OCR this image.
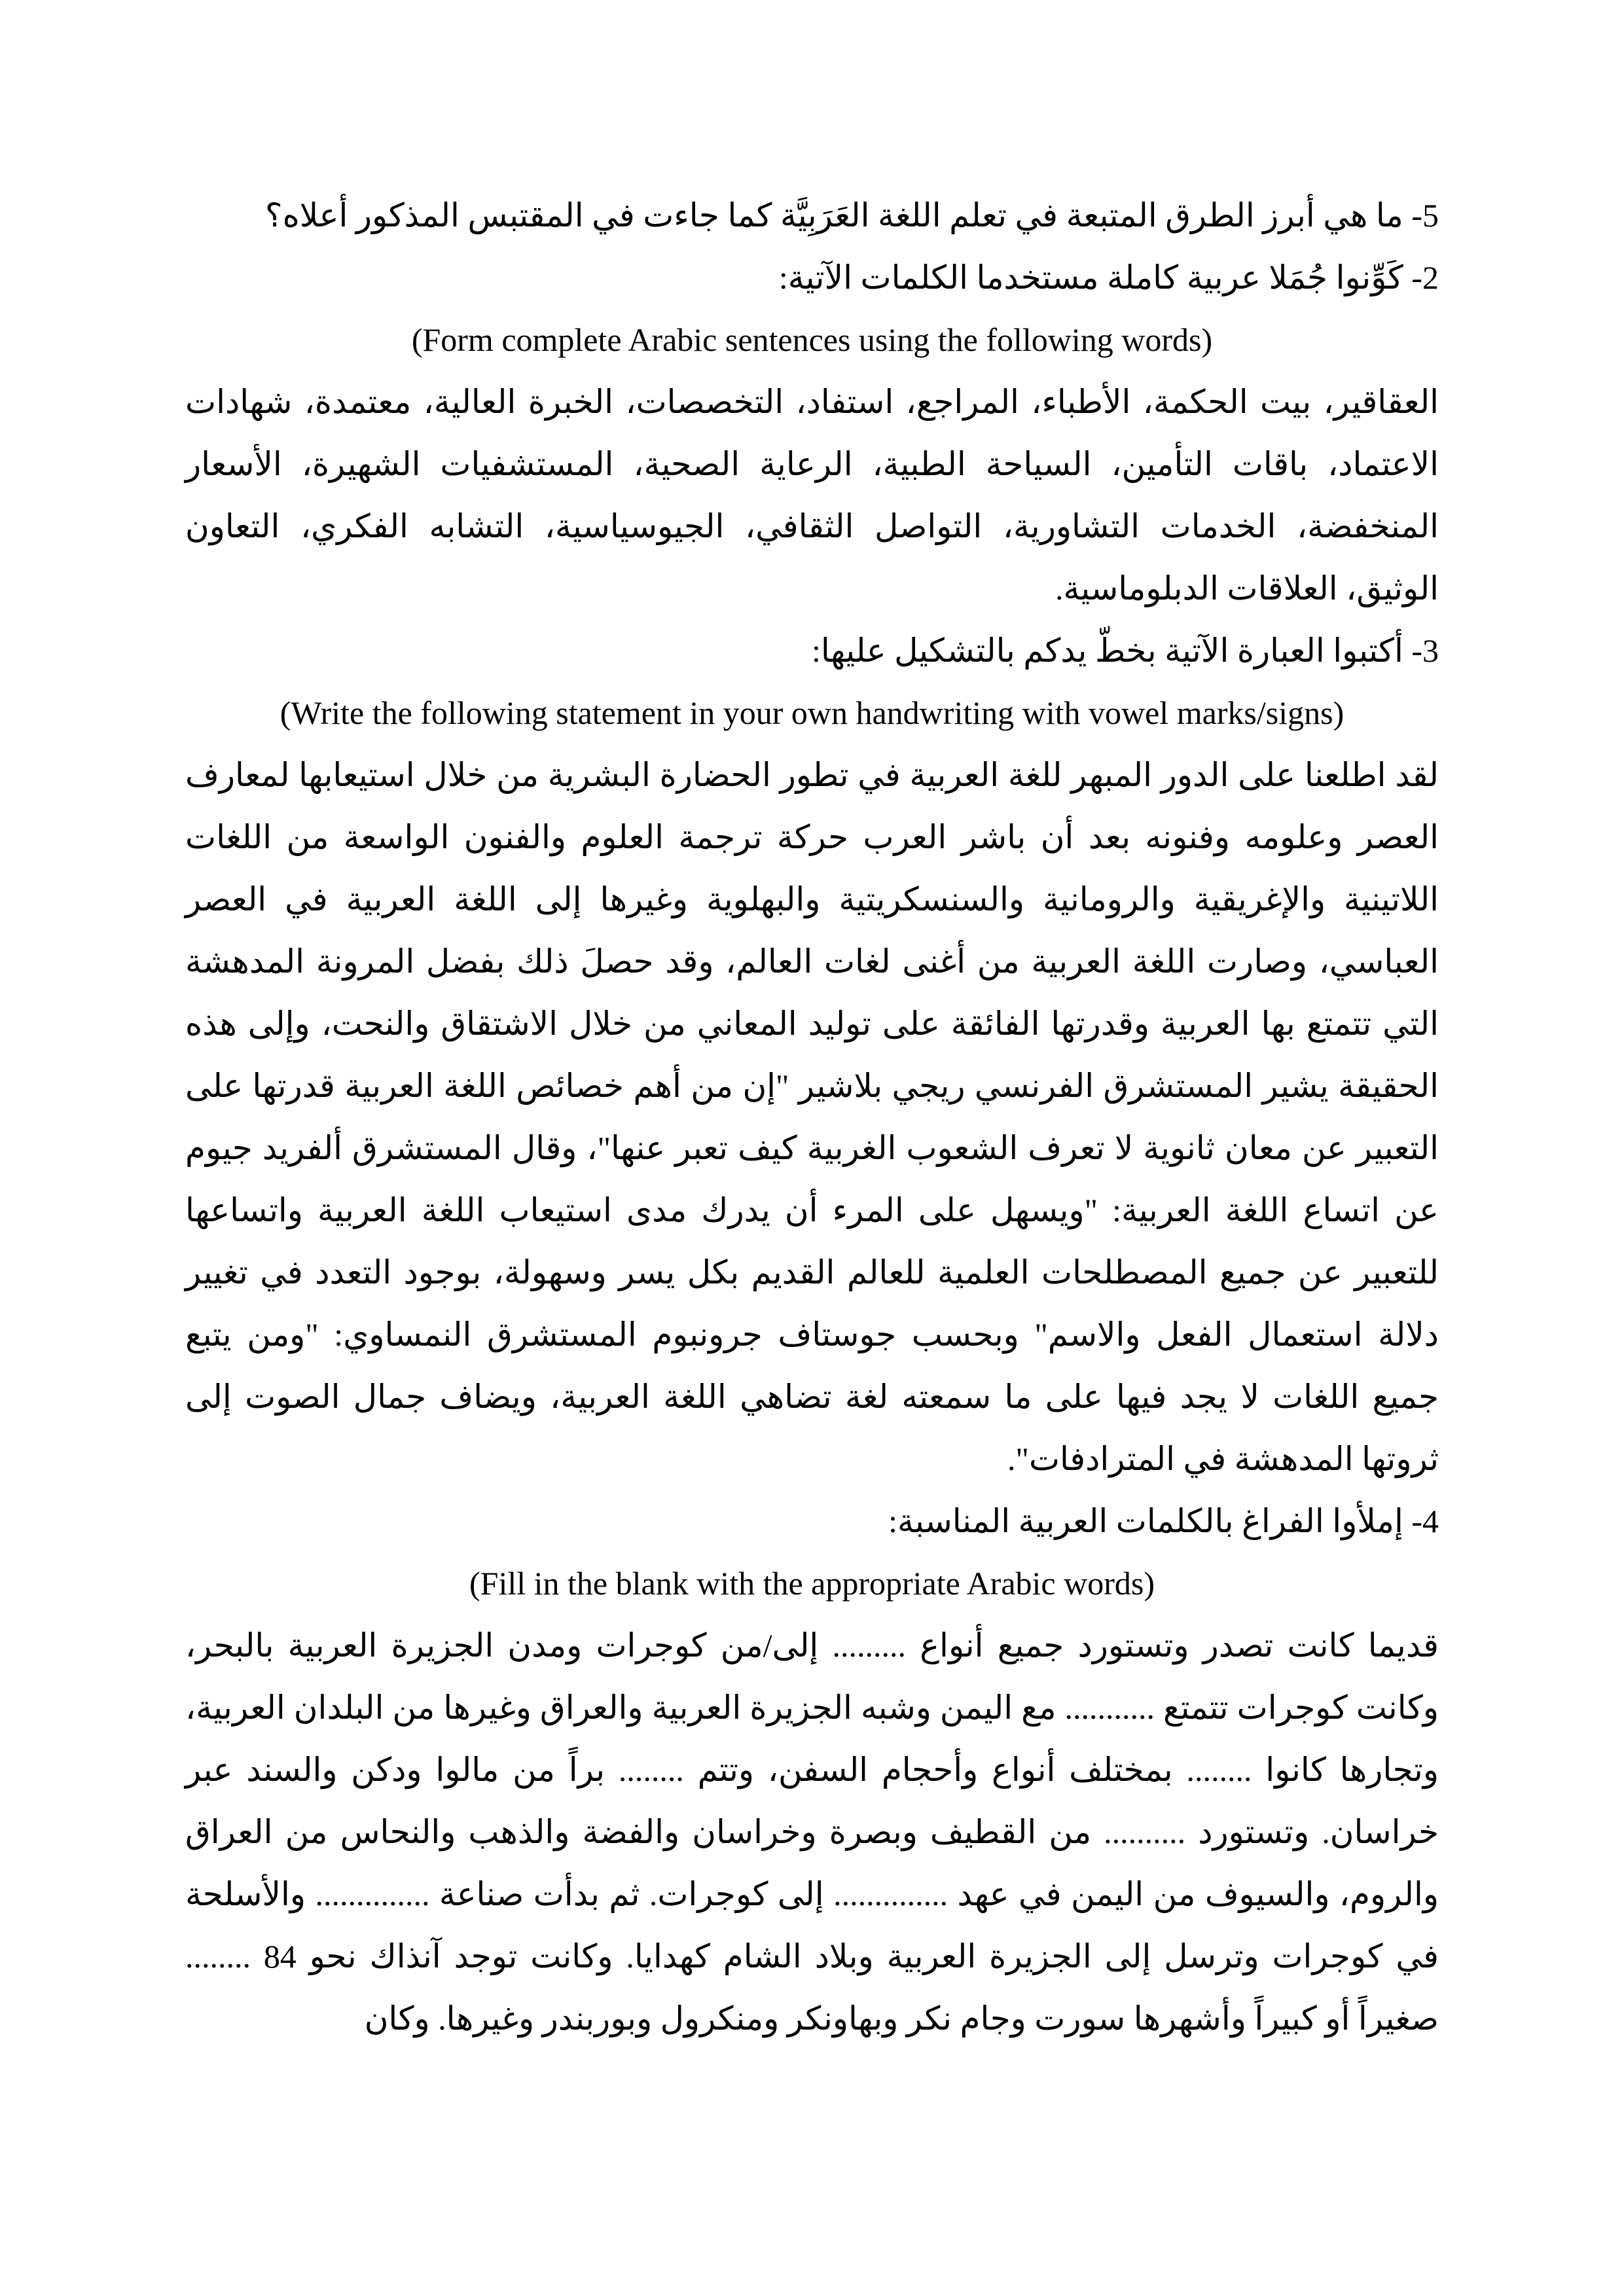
5- ما هي أبرز الطرق المتبعة في تعلم اللغة العَرَبِيَّة كما جاءت في المقتبس المذكور أعلاه؟

2- كَوِّنوا جُمَلا عربية كاملة مستخدما الكلمات الآتية:

(Form complete Arabic sentences using the following words)

العقاقير، بيت الحكمة، الأطباء، المراجع، استفاد، التخصصات، الخبرة العالية، معتمدة، شهادات الاعتماد، باقات التأمين، السياحة الطبية، الرعاية الصحية، المستشفيات الشهيرة، الأسعار المنخفضة، الخدمات التشاورية، التواصل الثقافي، الجيوسياسية، التشابه الفكري، التعاون الوثيق، العلاقات الدبلوماسية.

3- أكتبوا العبارة الآتية بخطّ يدكم بالتشكيل عليها:

(Write the following statement in your own handwriting with vowel marks/signs)

لقد اطلعنا على الدور المبهر للغة العربية في تطور الحضارة البشرية من خلال استيعابها لمعارف العصر وعلومه وفنونه بعد أن باشر العرب حركة ترجمة العلوم والفنون الواسعة من اللغات اللاتينية والإغريقية والرومانية والسنسكريتية والبهلوية وغيرها إلى اللغة العربية في العصر العباسي، وصارت اللغة العربية من أغنى لغات العالم، وقد حصلَ ذلك بفضل المرونة المدهشة التي تتمتع بها العربية وقدرتها الفائقة على توليد المعاني من خلال الاشتقاق والنحت، وإلى هذه الحقيقة يشير المستشرق الفرنسي ريجي بلاشير "إن من أهم خصائص اللغة العربية قدرتها على التعبير عن معان ثانوية لا تعرف الشعوب الغربية كيف تعبر عنها"، وقال المستشرق ألفريد جيوم عن اتساع اللغة العربية: "ويسهل على المرء أن يدرك مدى استيعاب اللغة العربية واتساعها للتعبير عن جميع المصطلحات العلمية للعالم القديم بكل يسر وسهولة، بوجود التعدد في تغيير دلالة استعمال الفعل والاسم" وبحسب جوستاف جرونبوم المستشرق النمساوي: "ومن يتبع جميع اللغات لا يجد فيها على ما سمعته لغة تضاهي اللغة العربية، ويضاف جمال الصوت إلى ثروتها المدهشة في المترادفات".

4- إملأوا الفراغ بالكلمات العربية المناسبة:

(Fill in the blank with the appropriate Arabic words)

قديما كانت تصدر وتستورد جميع أنواع ......... إلى/من كوجرات ومدن الجزيرة العربية بالبحر، وكانت كوجرات تتمتع ........... مع اليمن وشبه الجزيرة العربية والعراق وغيرها من البلدان العربية، وتجارها كانوا ........ بمختلف أنواع وأحجام السفن، وتتم ........ براً من مالوا ودكن والسند عبر خراسان. وتستورد .......... من القطيف وبصرة وخراسان والفضة والذهب والنحاس من العراق والروم، والسيوف من اليمن في عهد .............. إلى كوجرات. ثم بدأت صناعة .............. والأسلحة في كوجرات وترسل إلى الجزيرة العربية وبلاد الشام كهدايا. وكانت توجد آنذاك نحو 84 ........ صغيراً أو كبيراً وأشهرها سورت وجام نكر وبهاونكر ومنكرول وبوربندر وغيرها. وكان
